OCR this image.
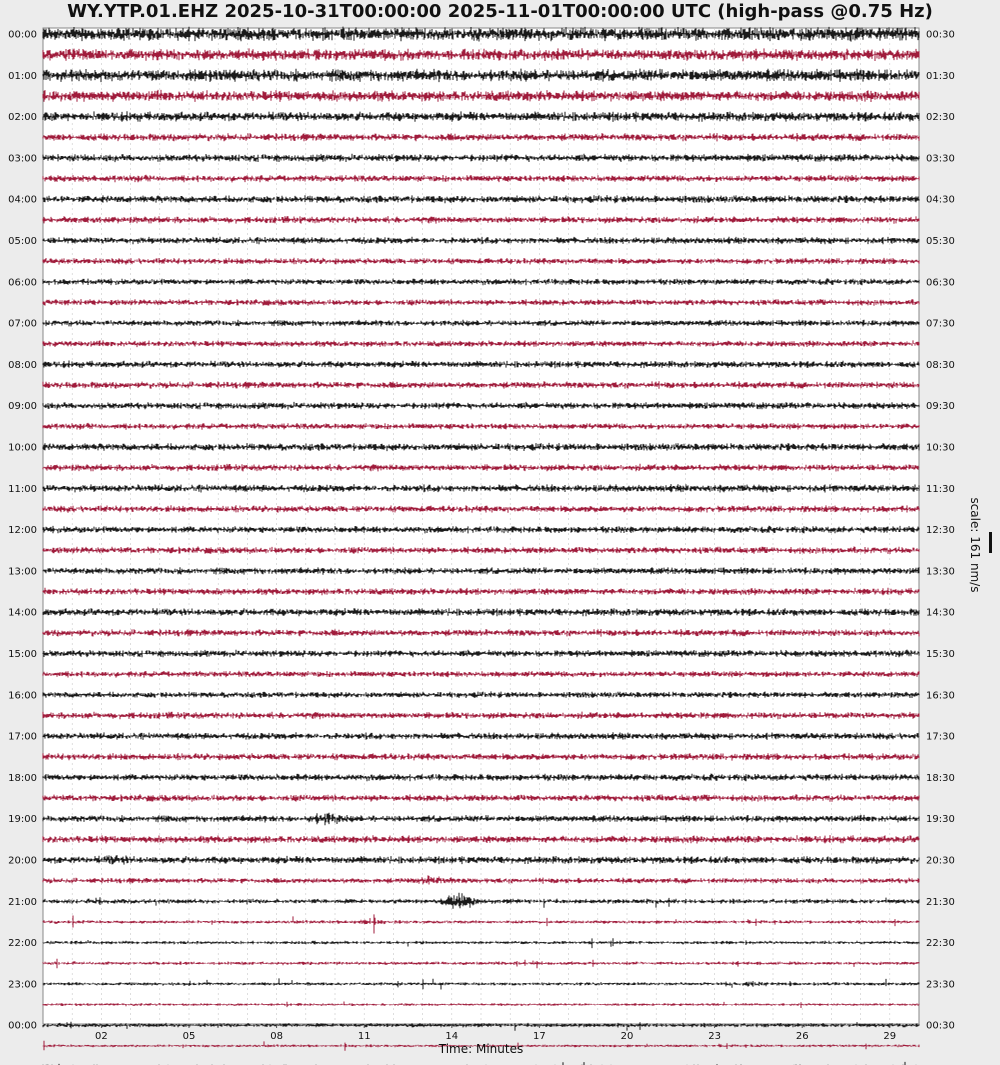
WY.YTP.01.EHZ 2025-10-31T00:00:00 2025-11-01T00:00:00 UTC (high-pass @0.75 Hz)
00:00
01:00
02:00
03:00
04:00
05:00
06:00
07:00
08:00
09:00
10:00
11:00
12:00
13:00
14:00
15:00
16:00
17:00
18:00
19:00
20:00
21:00
22:00
23:00
00:00
00:30
01:30
02:30
03:30
04:30
05:30
06:30
07:30
08:30
09:30
10:30
11:30
12:30
13:30
14:30
15:30
16:30
17:30
18:30
19:30
20:30
21:30
22:30
23:30
00:30
02	05	08	11	14	17	20	23	26	29
Time: Minutes
scale: 161 nm/s
